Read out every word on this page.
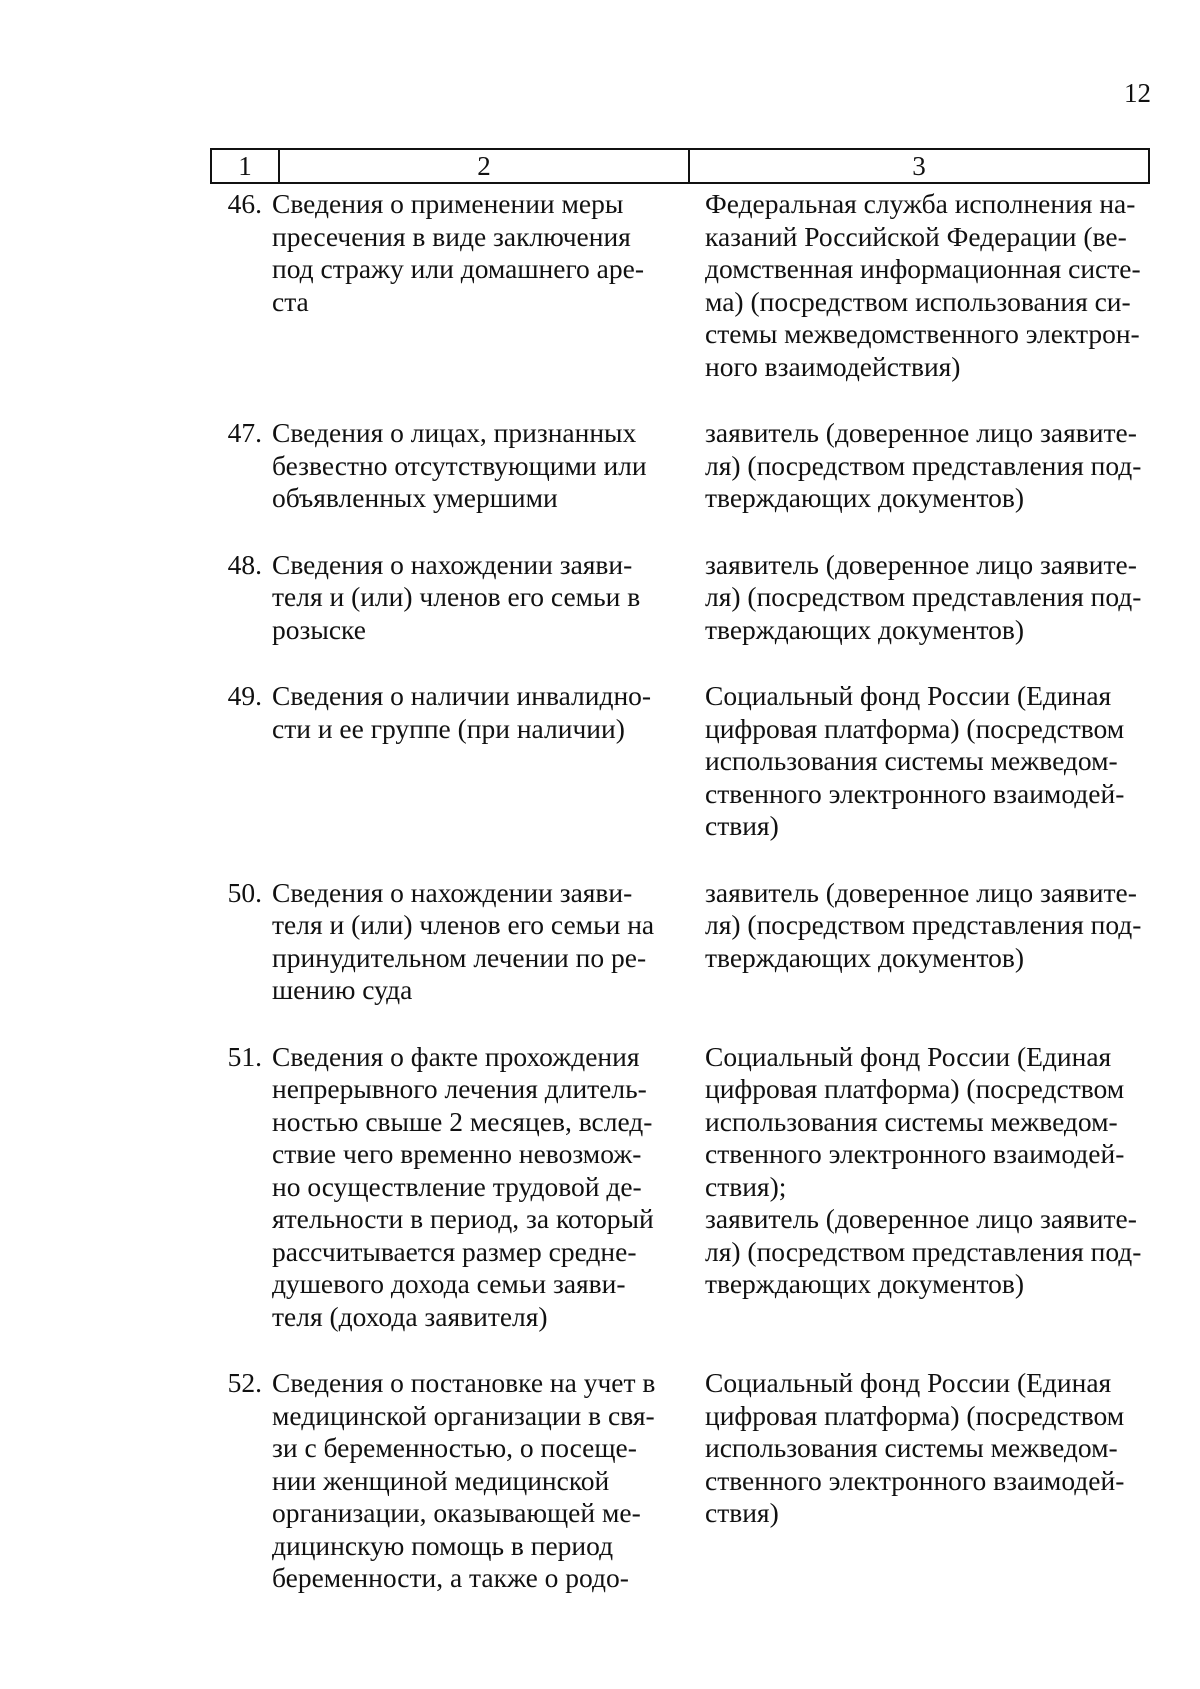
12
1	2	3
46. Сведения о применении меры
пресечения в виде заключения
под стражу или домашнего аре-
ста
Федеральная служба исполнения на-
казаний Российской Федерации (ве-
домственная информационная систе-
ма) (посредством использования си-
стемы межведомственного электрон-
ного взаимодействия)
47. Сведения о лицах, признанных
безвестно отсутствующими или
объявленных умершими
заявитель (доверенное лицо заявите-
ля) (посредством представления под-
тверждающих документов)
48. Сведения о нахождении заяви-
теля и (или) членов его семьи в
розыске
заявитель (доверенное лицо заявите-
ля) (посредством представления под-
тверждающих документов)
49. Сведения о наличии инвалидно-
сти и ее группе (при наличии)
Социальный фонд России (Единая
цифровая платформа) (посредством
использования системы межведом-
ственного электронного взаимодей-
ствия)
50. Сведения о нахождении заяви-
теля и (или) членов его семьи на
принудительном лечении по ре-
шению суда
заявитель (доверенное лицо заявите-
ля) (посредством представления под-
тверждающих документов)
51. Сведения о факте прохождения
непрерывного лечения длитель-
ностью свыше 2 месяцев, вслед-
ствие чего временно невозмож-
но осуществление трудовой де-
ятельности в период, за который
рассчитывается размер средне-
душевого дохода семьи заяви-
теля (дохода заявителя)
Социальный фонд России (Единая
цифровая платформа) (посредством
использования системы межведом-
ственного электронного взаимодей-
ствия);
заявитель (доверенное лицо заявите-
ля) (посредством представления под-
тверждающих документов)
52. Сведения о постановке на учет в
медицинской организации в свя-
зи с беременностью, о посеще-
нии женщиной медицинской
организации, оказывающей ме-
дицинскую помощь в период
беременности, а также о родо-
Социальный фонд России (Единая
цифровая платформа) (посредством
использования системы межведом-
ственного электронного взаимодей-
ствия)
